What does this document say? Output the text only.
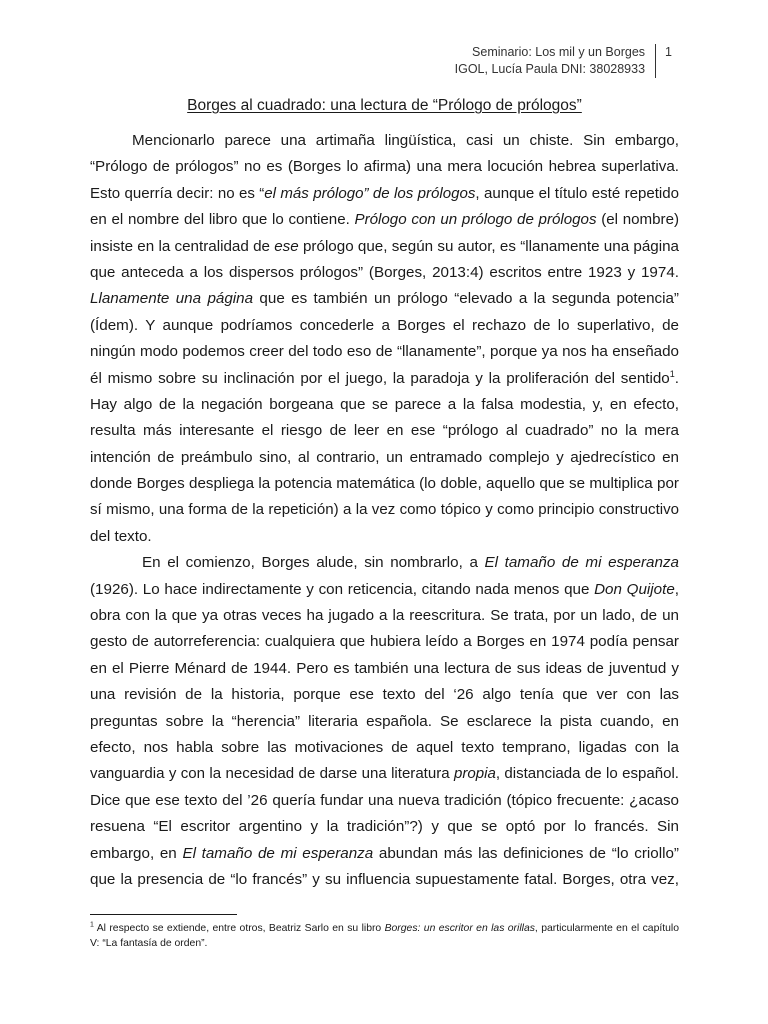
Seminario: Los mil y un Borges
IGOL, Lucía Paula DNI: 38028933
1
Borges al cuadrado: una lectura de “Prólogo de prólogos”
Mencionarlo parece una artimaña lingüística, casi un chiste. Sin embargo,
“Prólogo de prólogos” no es (Borges lo afirma) una mera locución hebrea superlativa.
Esto querría decir: no es “el más prólogo” de los prólogos, aunque el título esté repetido
en el nombre del libro que lo contiene. Prólogo con un prólogo de prólogos (el nombre)
insiste en la centralidad de ese prólogo que, según su autor, es “llanamente una página
que anteceda a los dispersos prólogos” (Borges, 2013:4) escritos entre 1923 y 1974.
Llanamente una página que es también un prólogo “elevado a la segunda potencia”
(Ídem). Y aunque podríamos concederle a Borges el rechazo de lo superlativo, de
ningún modo podemos creer del todo eso de “llanamente”, porque ya nos ha enseñado
él mismo sobre su inclinación por el juego, la paradoja y la proliferación del sentido$^1$.
Hay algo de la negación borgeana que se parece a la falsa modestia, y, en efecto,
resulta más interesante el riesgo de leer en ese “prólogo al cuadrado” no la mera
intención de preámbulo sino, al contrario, un entramado complejo y ajedrecístico en
donde Borges despliega la potencia matemática (lo doble, aquello que se multiplica por
sí mismo, una forma de la repetición) a la vez como tópico y como principio constructivo
del texto.
En el comienzo, Borges alude, sin nombrarlo, a El tamaño de mi esperanza
(1926). Lo hace indirectamente y con reticencia, citando nada menos que Don Quijote,
obra con la que ya otras veces ha jugado a la reescritura. Se trata, por un lado, de un
gesto de autorreferencia: cualquiera que hubiera leído a Borges en 1974 podía pensar
en el Pierre Ménard de 1944. Pero es también una lectura de sus ideas de juventud y
una revisión de la historia, porque ese texto del ‘26 algo tenía que ver con las
preguntas sobre la “herencia” literaria española. Se esclarece la pista cuando, en
efecto, nos habla sobre las motivaciones de aquel texto temprano, ligadas con la
vanguardia y con la necesidad de darse una literatura propia, distanciada de lo español.
Dice que ese texto del ’26 quería fundar una nueva tradición (tópico frecuente: ¿acaso
resuena “El escritor argentino y la tradición”?) y que se optó por lo francés. Sin
embargo, en El tamaño de mi esperanza abundan más las definiciones de “lo criollo”
que la presencia de “lo francés” y su influencia supuestamente fatal. Borges, otra vez,
$^1$ Al respecto se extiende, entre otros, Beatriz Sarlo en su libro Borges: un escritor en las orillas, particularmente en el capítulo
V: “La fantasía de orden”.
